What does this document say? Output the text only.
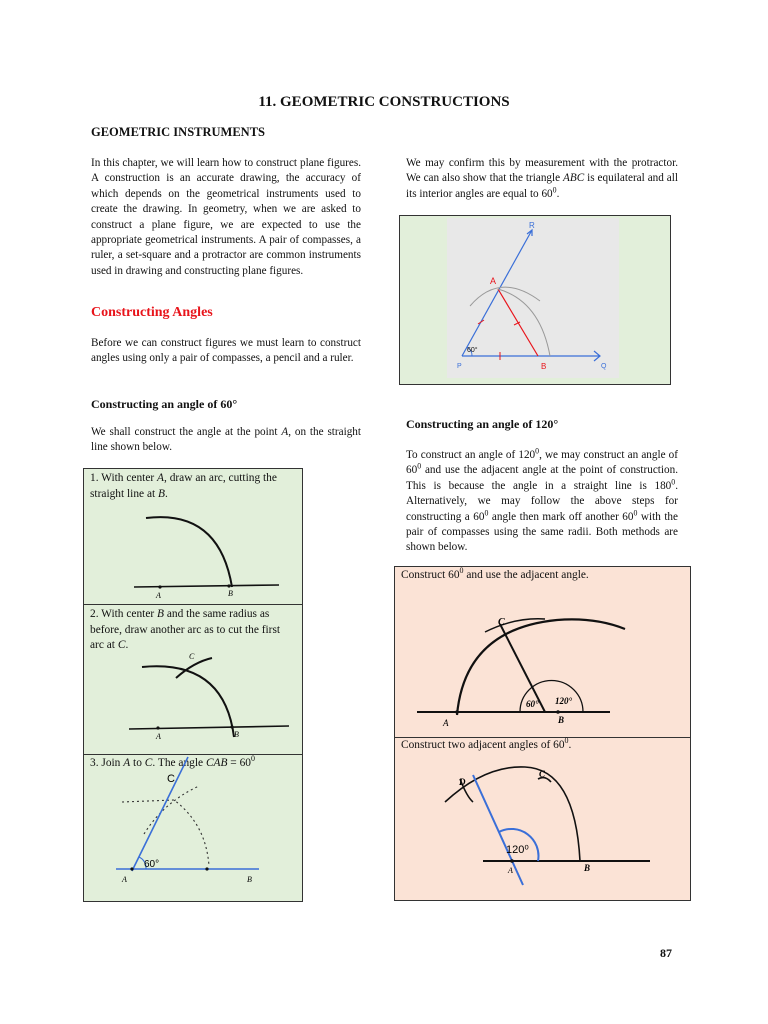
11. GEOMETRIC CONSTRUCTIONS
GEOMETRIC INSTRUMENTS
In this chapter, we will learn how to construct plane figures. A construction is an accurate drawing, the accuracy of which depends on the geometrical instruments used to create the drawing. In geometry, when we are asked to construct a plane figure, we are expected to use the appropriate geometrical instruments. A pair of compasses, a ruler, a set-square and a protractor are common instruments used in drawing and constructing plane figures.
Constructing Angles
Before we can construct figures we must learn to construct angles using only a pair of compasses, a pencil and a ruler.
Constructing an angle of 60°
We shall construct the angle at the point A, on the straight line shown below.
1. With center A, draw an arc, cutting the straight line at B.
A	B
2. With center B and the same radius as before, draw another arc as to cut the first arc at C.
C
A	B
3. Join A to C. The angle CAB = $60^0$
C
60°
A	B
We may confirm this by measurement with the protractor. We can also show that the triangle ABC is equilateral and all its interior angles are equal to $60^0$.
R
A
60°
P	B	Q
Constructing an angle of 120°
To construct an angle of $120^0$, we may construct an angle of $60^0$ and use the adjacent angle at the point of construction. This is because the angle in a straight line is $180^0$. Alternatively, we may follow the above steps for constructing a $60^0$ angle then mark off another $60^0$ with the pair of compasses using the same radii. Both methods are shown below.
Construct $60^0$ and use the adjacent angle.
C
60° 120°
A	B
Construct two adjacent angles of $60^0$.
D
C
120⁰
A	B
87
